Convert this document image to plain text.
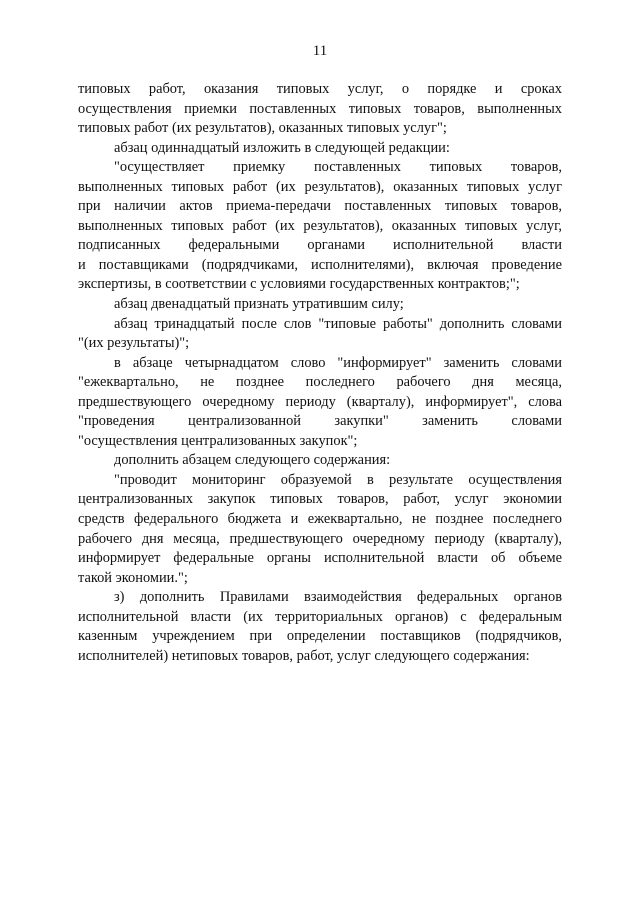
11
типовых работ, оказания типовых услуг, о порядке и сроках
осуществления приемки поставленных типовых товаров, выполненных
типовых работ (их результатов), оказанных типовых услуг";
абзац одиннадцатый изложить в следующей редакции:
"осуществляет приемку поставленных типовых товаров,
выполненных типовых работ (их результатов), оказанных типовых услуг
при наличии актов приема-передачи поставленных типовых товаров,
выполненных типовых работ (их результатов), оказанных типовых услуг,
подписанных федеральными органами исполнительной власти
и поставщиками (подрядчиками, исполнителями), включая проведение
экспертизы, в соответствии с условиями государственных контрактов;";
абзац двенадцатый признать утратившим силу;
абзац тринадцатый после слов "типовые работы" дополнить словами
"(их результаты)";
в абзаце четырнадцатом слово "информирует" заменить словами
"ежеквартально, не позднее последнего рабочего дня месяца,
предшествующего очередному периоду (кварталу), информирует", слова
"проведения централизованной закупки" заменить словами
"осуществления централизованных закупок";
дополнить абзацем следующего содержания:
"проводит мониторинг образуемой в результате осуществления
централизованных закупок типовых товаров, работ, услуг экономии
средств федерального бюджета и ежеквартально, не позднее последнего
рабочего дня месяца, предшествующего очередному периоду (кварталу),
информирует федеральные органы исполнительной власти об объеме
такой экономии.";
з) дополнить Правилами взаимодействия федеральных органов
исполнительной власти (их территориальных органов) с федеральным
казенным учреждением при определении поставщиков (подрядчиков,
исполнителей) нетиповых товаров, работ, услуг следующего содержания:
